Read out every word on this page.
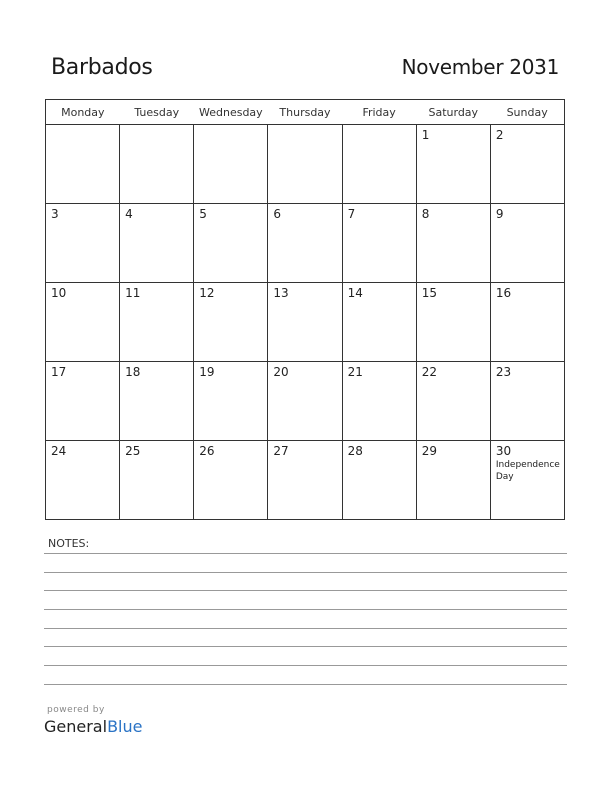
Barbados	November 2031
Monday	Tuesday	Wednesday	Thursday	Friday	Saturday	Sunday

					1	2

3	4	5	6	7	8	9

10	11	12	13	14	15	16

17	18	19	20	21	22	23

24	25	26	27	28	29	30
Independence Day
NOTES:
powered by
GeneralBlue
